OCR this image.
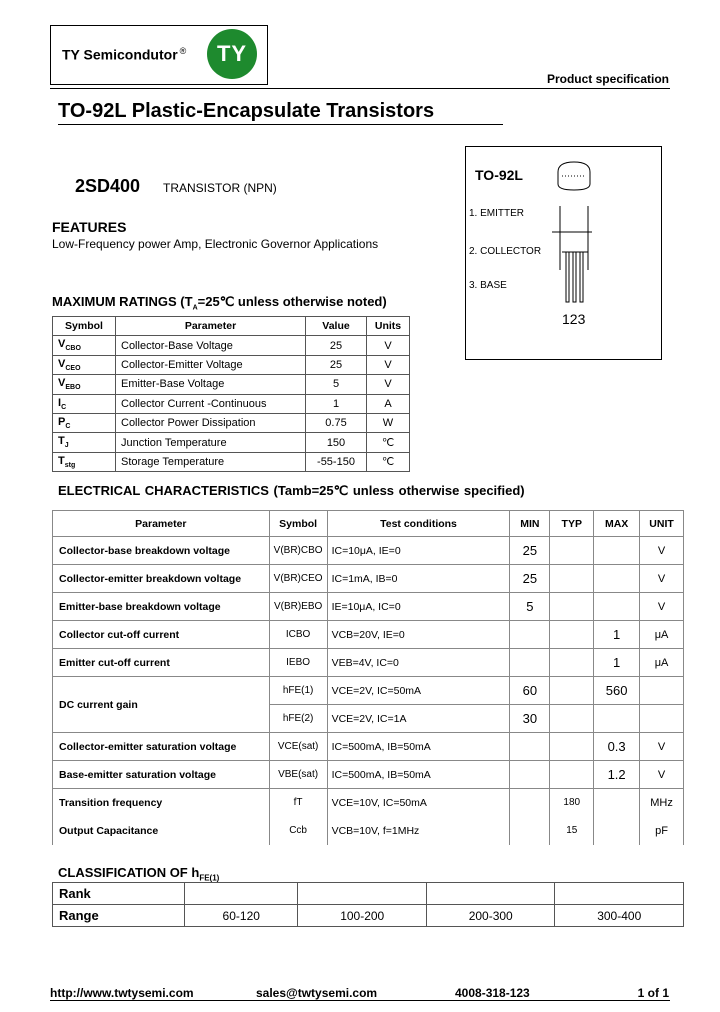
TY Semicondutor ® TY
Product specification
TO-92L Plastic-Encapsulate Transistors
TO-92L
1. EMITTER
2. COLLECTOR
3. BASE
123
2SD400 TRANSISTOR (NPN)
FEATURES
Low-Frequency power Amp, Electronic Governor Applications
MAXIMUM RATINGS ($T_A=25℃$ unless otherwise noted)
Symbol	Parameter	Value	Units
$V_{CBO}$	Collector-Base Voltage	25	V
$V_{CEO}$	Collector-Emitter Voltage	25	V
$V_{EBO}$	Emitter-Base Voltage	5	V
$I_C$	Collector Current -Continuous	1	A
$P_C$	Collector Power Dissipation	0.75	W
$T_J$	Junction Temperature	150	℃
$T_{stg}$	Storage Temperature	-55-150	℃
ELECTRICAL CHARACTERISTICS (Tamb=25℃ unless otherwise specified)
Parameter	Symbol	Test conditions	MIN	TYP	MAX	UNIT
Collector-base breakdown voltage	V(BR)CBO	IC=10μA, IE=0	25			V
Collector-emitter breakdown voltage	V(BR)CEO	IC=1mA, IB=0	25			V
Emitter-base breakdown voltage	V(BR)EBO	IE=10μA, IC=0	5			V
Collector cut-off current	ICBO	VCB=20V, IE=0			1	μA
Emitter cut-off current	IEBO	VEB=4V, IC=0			1	μA
DC current gain	hFE(1)	VCE=2V, IC=50mA	60		560	
	hFE(2)	VCE=2V, IC=1A	30			
Collector-emitter saturation voltage	VCE(sat)	IC=500mA, IB=50mA			0.3	V
Base-emitter saturation voltage	VBE(sat)	IC=500mA, IB=50mA			1.2	V
Transition frequency	fT	VCE=10V, IC=50mA		180		MHz
Output Capacitance	Ccb	VCB=10V, f=1MHz		15		pF
CLASSIFICATION OF $h_{FE(1)}$
Rank				
Range	60-120	100-200	200-300	300-400
http://www.twtysemi.com	sales@twtysemi.com	4008-318-123	1 of 1
